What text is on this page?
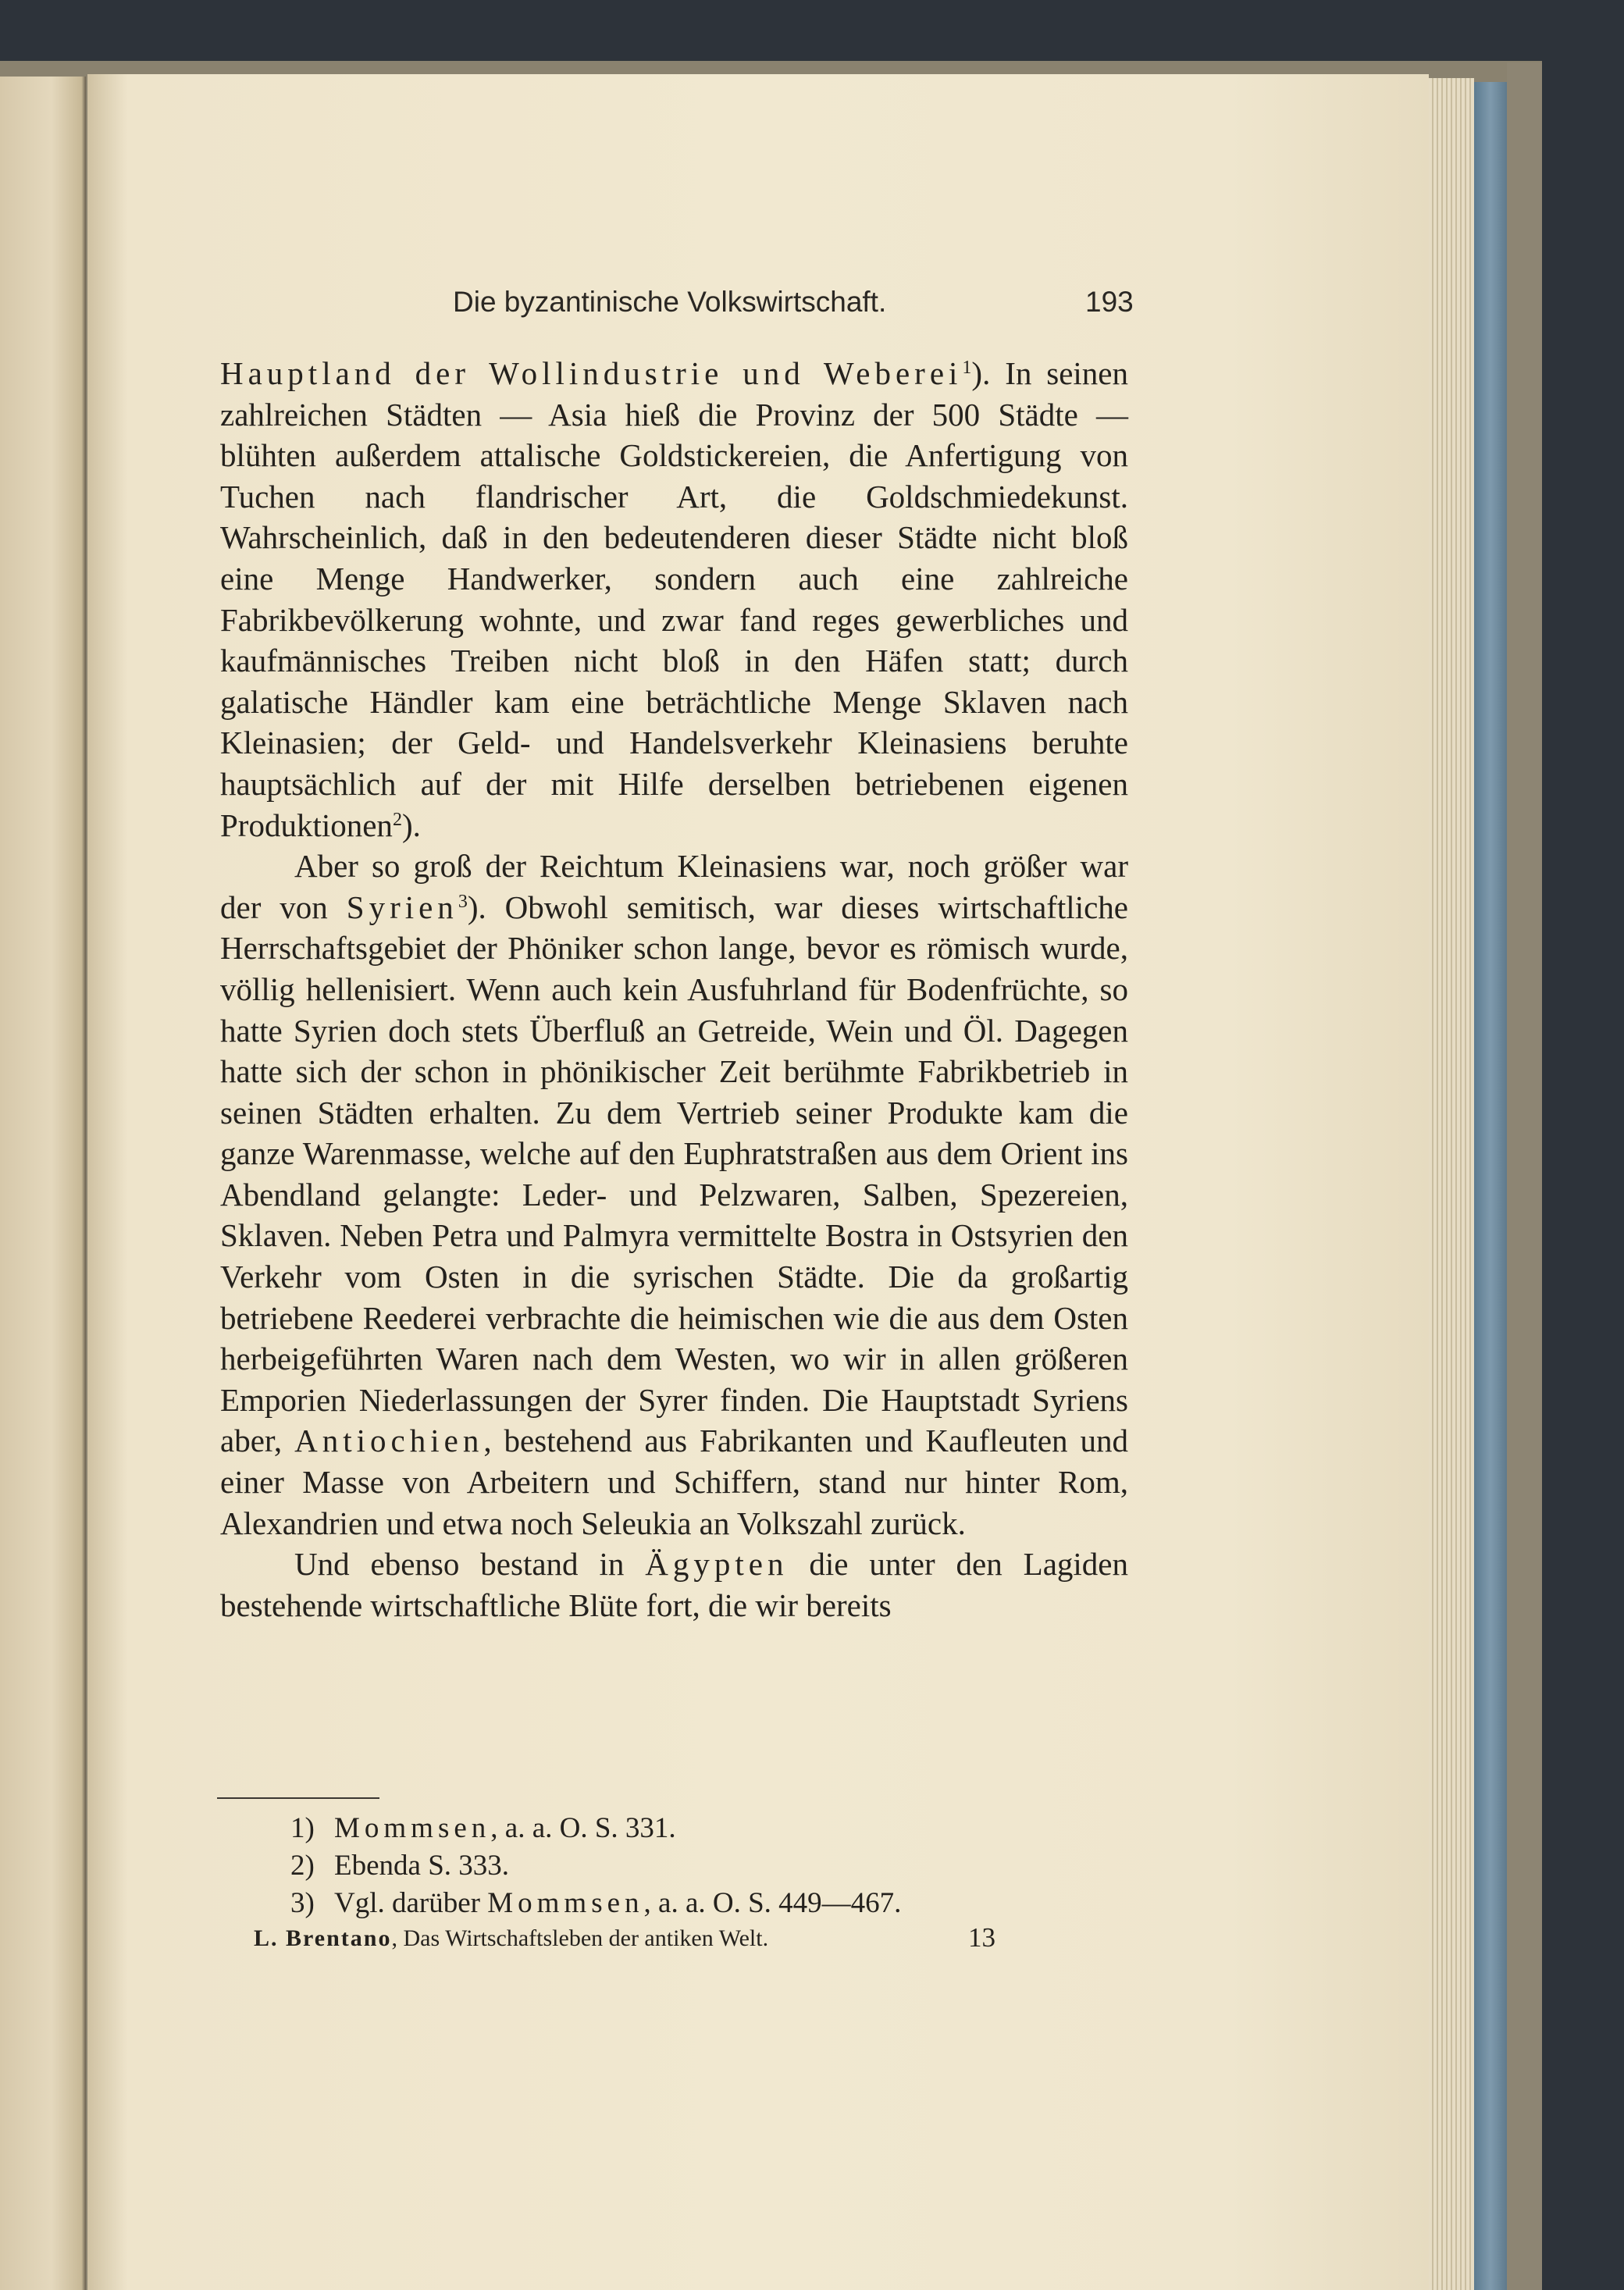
Die byzantinische Volkswirtschaft.	193

Hauptland der Wollindustrie und Weberei$^1$). In seinen zahlreichen Städten — Asia hieß die Provinz der 500 Städte — blühten außerdem attalische Goldstickereien, die Anfertigung von Tuchen nach flandrischer Art, die Goldschmiedekunst. Wahrscheinlich, daß in den bedeutenderen dieser Städte nicht bloß eine Menge Handwerker, sondern auch eine zahlreiche Fabrikbevölkerung wohnte, und zwar fand reges gewerbliches und kaufmännisches Treiben nicht bloß in den Häfen statt; durch galatische Händler kam eine beträchtliche Menge Sklaven nach Kleinasien; der Geld- und Handelsverkehr Kleinasiens beruhte hauptsächlich auf der mit Hilfe derselben betriebenen eigenen Produktionen$^2$).

Aber so groß der Reichtum Kleinasiens war, noch größer war der von Syrien$^3$). Obwohl semitisch, war dieses wirtschaftliche Herrschaftsgebiet der Phöniker schon lange, bevor es römisch wurde, völlig hellenisiert. Wenn auch kein Ausfuhrland für Bodenfrüchte, so hatte Syrien doch stets Überfluß an Getreide, Wein und Öl. Dagegen hatte sich der schon in phönikischer Zeit berühmte Fabrikbetrieb in seinen Städten erhalten. Zu dem Vertrieb seiner Produkte kam die ganze Warenmasse, welche auf den Euphratstraßen aus dem Orient ins Abendland gelangte: Leder- und Pelzwaren, Salben, Spezereien, Sklaven. Neben Petra und Palmyra vermittelte Bostra in Ostsyrien den Verkehr vom Osten in die syrischen Städte. Die da großartig betriebene Reederei verbrachte die heimischen wie die aus dem Osten herbeigeführten Waren nach dem Westen, wo wir in allen größeren Emporien Niederlassungen der Syrer finden. Die Hauptstadt Syriens aber, Antiochien, bestehend aus Fabrikanten und Kaufleuten und einer Masse von Arbeitern und Schiffern, stand nur hinter Rom, Alexandrien und etwa noch Seleukia an Volkszahl zurück.

Und ebenso bestand in Ägypten die unter den Lagiden bestehende wirtschaftliche Blüte fort, die wir bereits

1) Mommsen, a. a. O. S. 331.
2) Ebenda S. 333.
3) Vgl. darüber Mommsen, a. a. O. S. 449—467.
L. Brentano, Das Wirtschaftsleben der antiken Welt.	13
